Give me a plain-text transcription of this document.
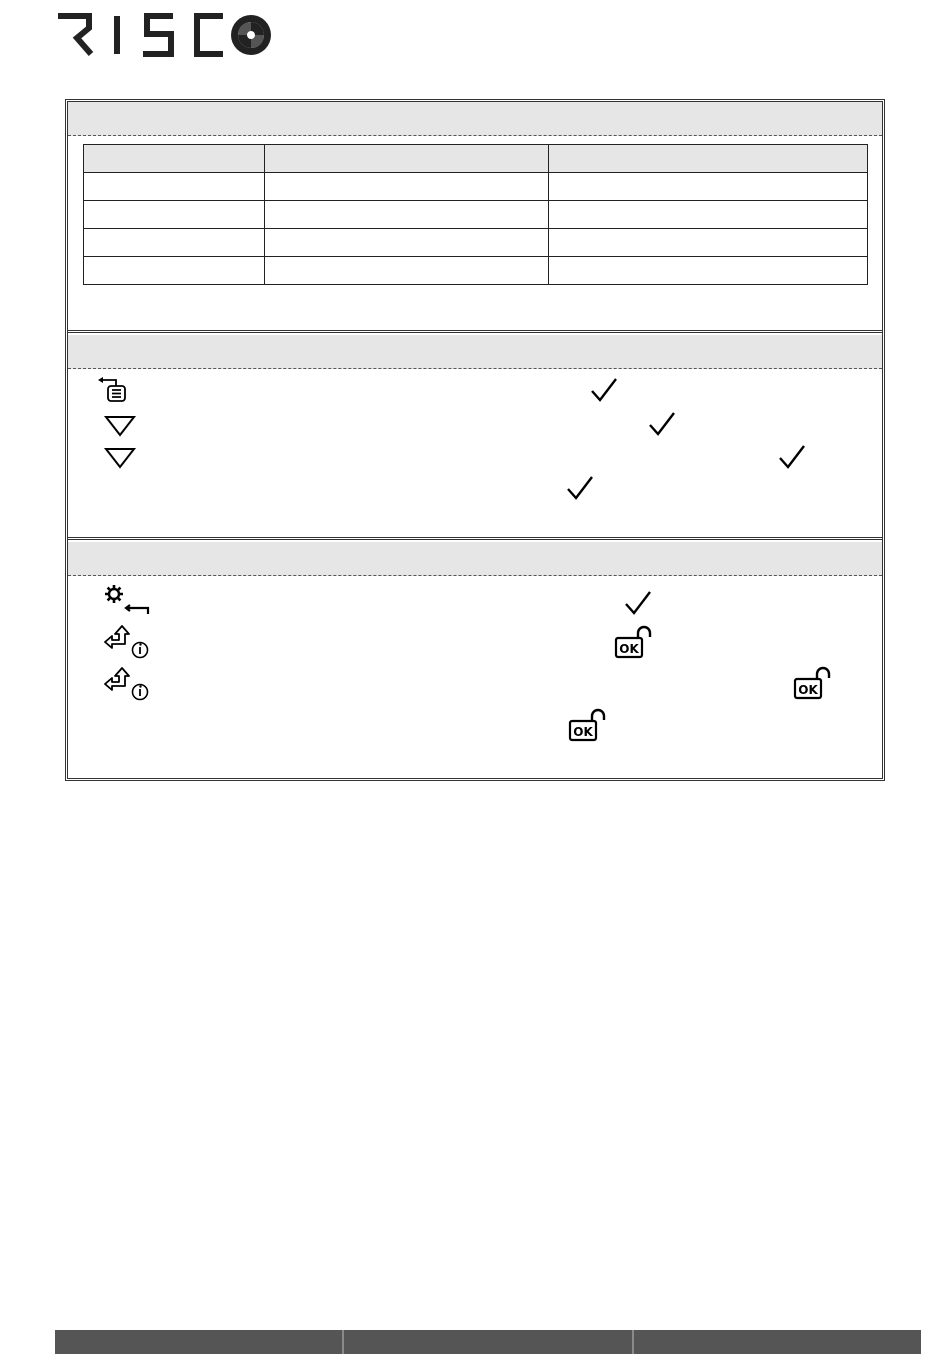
OK
OK
OK
